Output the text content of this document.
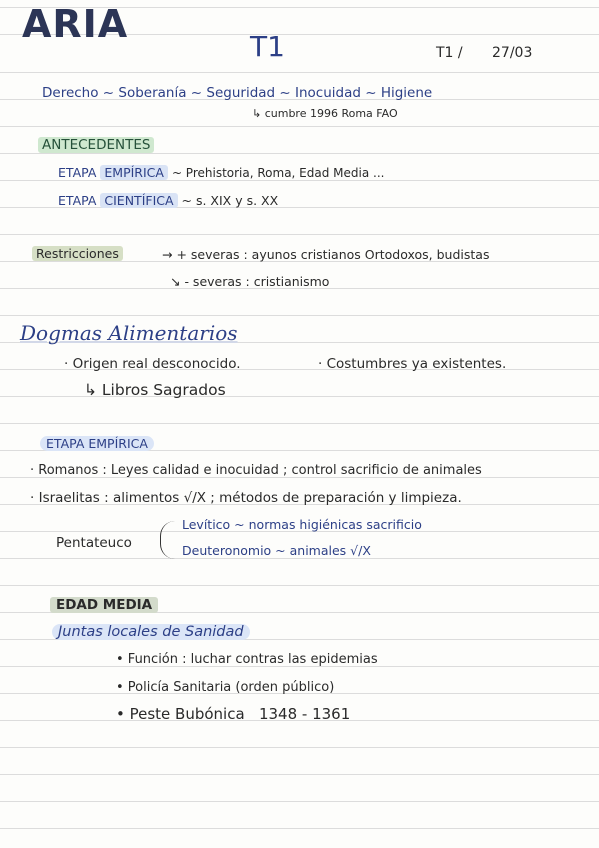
ARIA
T1	T1 / 27/03
Derecho ~ Soberanía ~ Seguridad ~ Inocuidad ~ Higiene
↳ cumbre 1996 Roma FAO
ANTECEDENTES
ETAPA EMPÍRICA ~ Prehistoria, Roma, Edad Media ...
ETAPA CIENTÍFICA ~ s. XIX y s. XX
Restricciones	→ + severas : ayunos cristianos Ortodoxos, budistas
↘ - severas : cristianismo
Dogmas Alimentarios
· Origen real desconocido.	· Costumbres ya existentes.
↳ Libros Sagrados
ETAPA EMPÍRICA
· Romanos : Leyes calidad e inocuidad ; control sacrificio de animales
· Israelitas : alimentos √/X ; métodos de preparación y limpieza.
Pentateuco
Levítico ~ normas higiénicas sacrificio
Deuteronomio ~ animales √/X
EDAD MEDIA
Juntas locales de Sanidad
• Función : luchar contras las epidemias
• Policía Sanitaria (orden público)
• Peste Bubónica   1348 - 1361
